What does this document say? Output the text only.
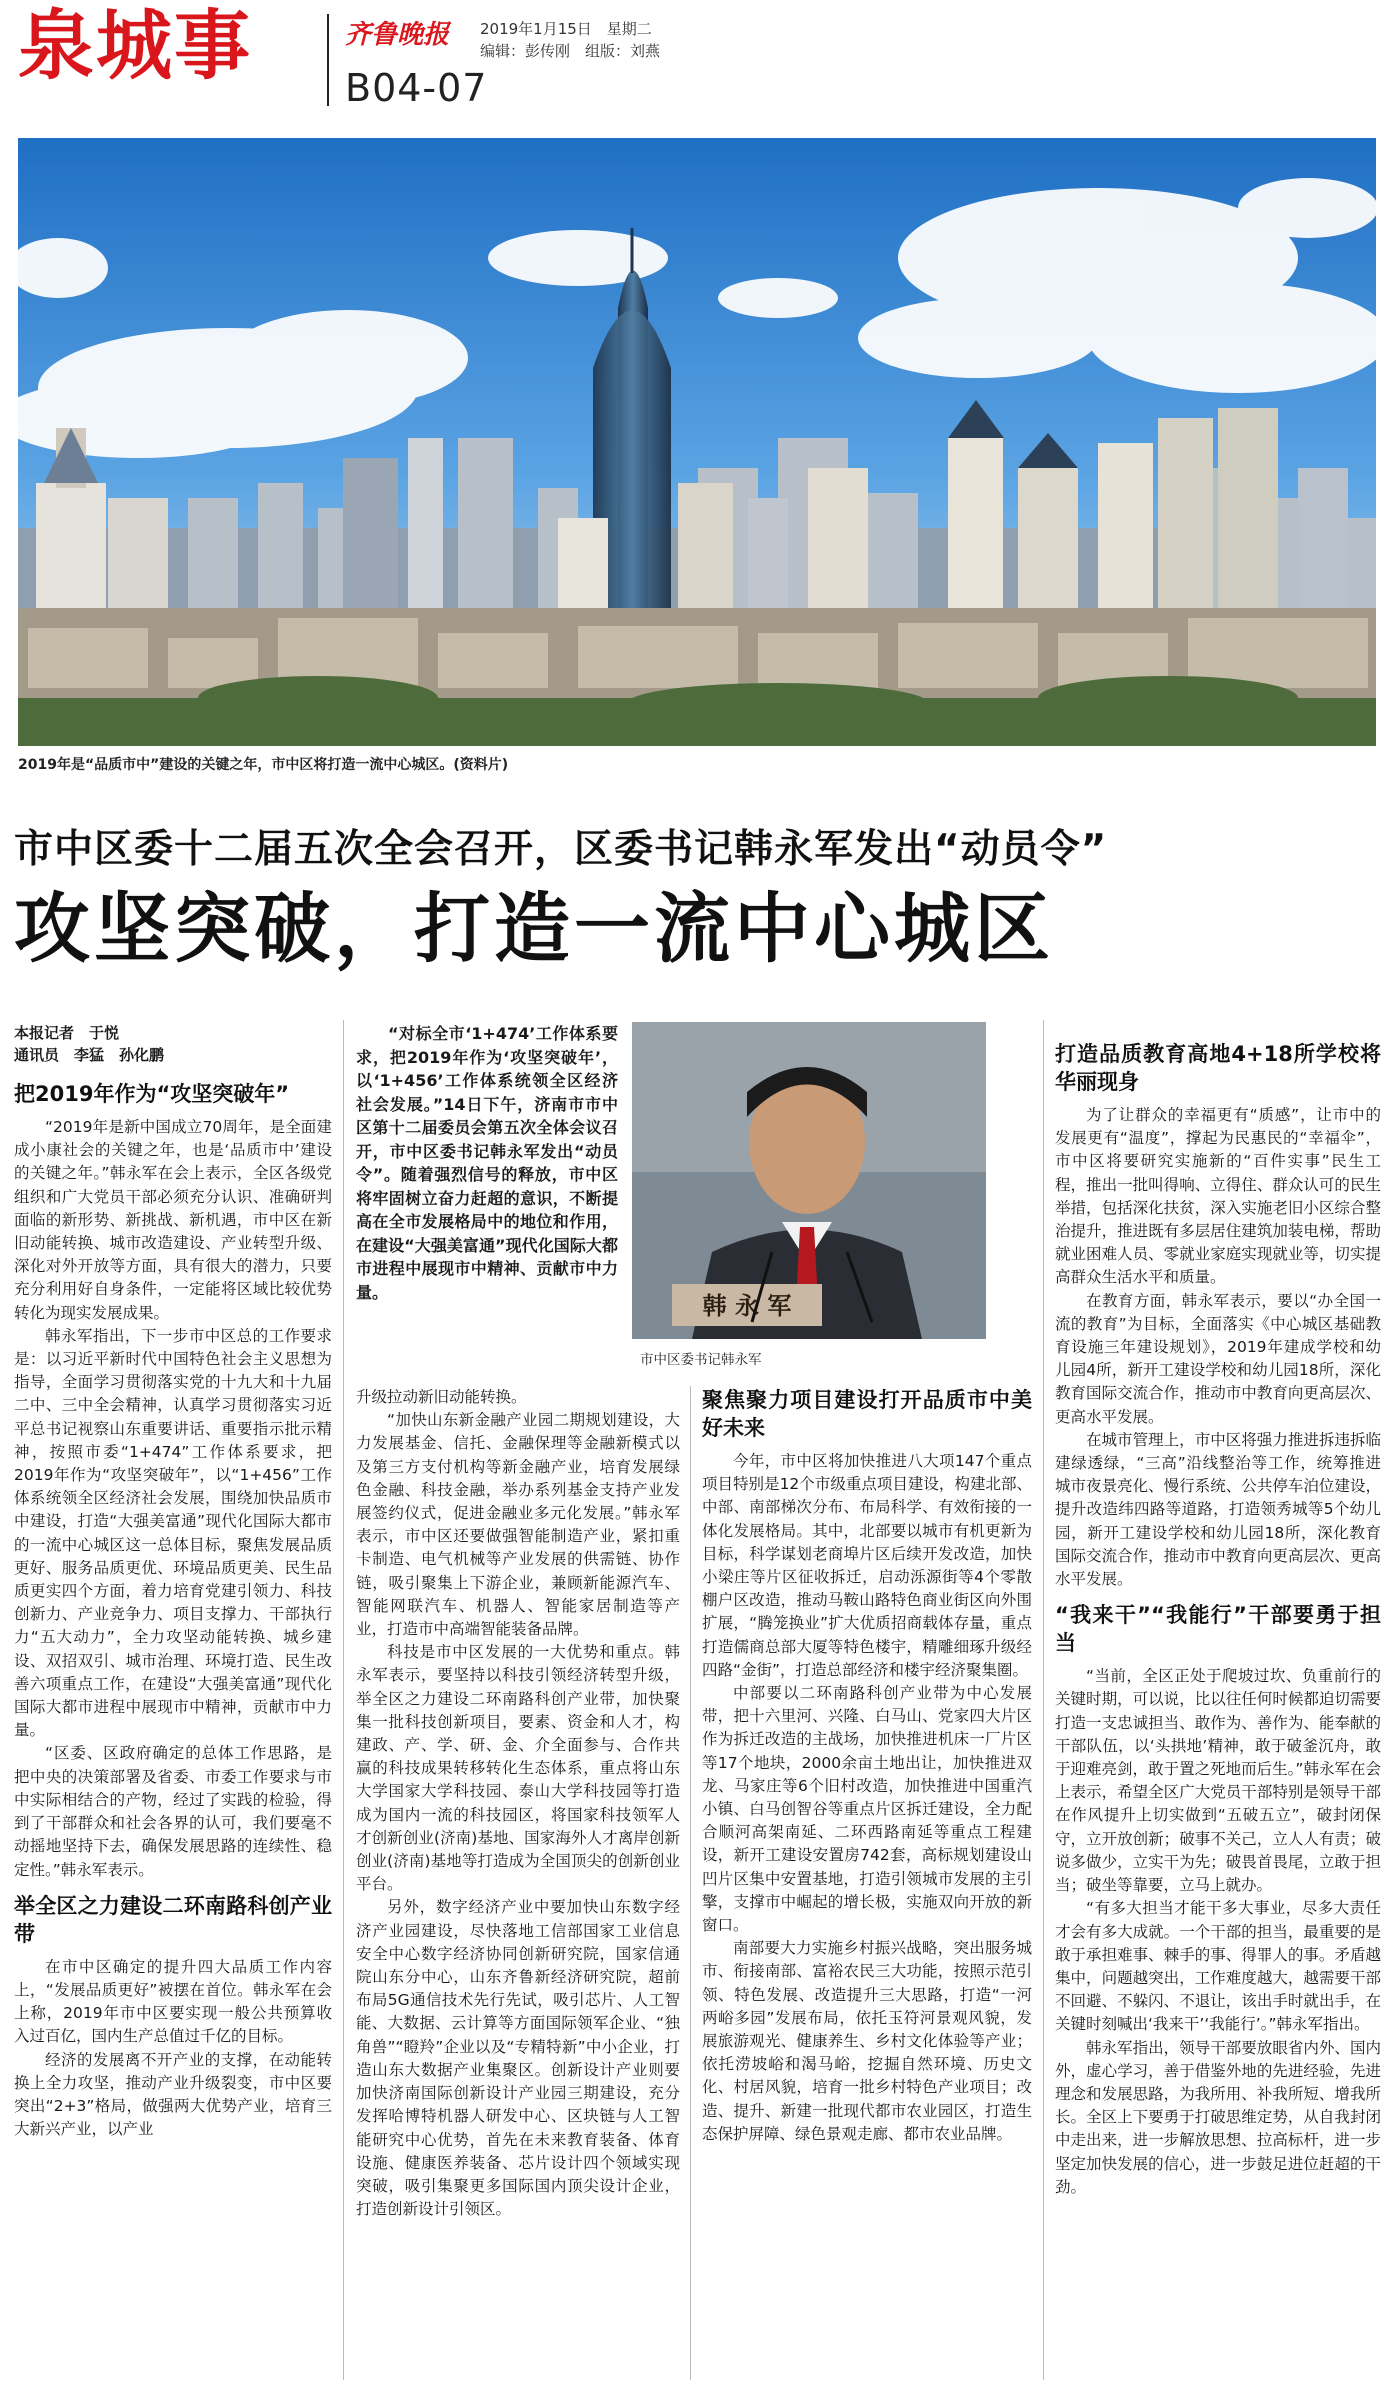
泉城事	齐鲁晚报
B04-07
2019年1月15日　星期二
编辑：彭传刚　组版：刘燕
2019年是“品质市中”建设的关键之年，市中区将打造一流中心城区。(资料片)
市中区委十二届五次全会召开，区委书记韩永军发出“动员令”
攻坚突破，打造一流中心城区
本报记者　于悦
通讯员　李猛　孙化鹏
把2019年作为“攻坚突破年”

“2019年是新中国成立70周年，是全面建成小康社会的关键之年，也是‘品质市中’建设的关键之年。”韩永军在会上表示，全区各级党组织和广大党员干部必须充分认识、准确研判面临的新形势、新挑战、新机遇，市中区在新旧动能转换、城市改造建设、产业转型升级、深化对外开放等方面，具有很大的潜力，只要充分利用好自身条件，一定能将区域比较优势转化为现实发展成果。

韩永军指出，下一步市中区总的工作要求是：以习近平新时代中国特色社会主义思想为指导，全面学习贯彻落实党的十九大和十九届二中、三中全会精神，认真学习贯彻落实习近平总书记视察山东重要讲话、重要指示批示精神，按照市委“1+474”工作体系要求，把2019年作为“攻坚突破年”，以“1+456”工作体系统领全区经济社会发展，围绕加快品质市中建设，打造“大强美富通”现代化国际大都市的一流中心城区这一总体目标，聚焦发展品质更好、服务品质更优、环境品质更美、民生品质更实四个方面，着力培育党建引领力、科技创新力、产业竞争力、项目支撑力、干部执行力“五大动力”，全力攻坚动能转换、城乡建设、双招双引、城市治理、环境打造、民生改善六项重点工作，在建设“大强美富通”现代化国际大都市进程中展现市中精神，贡献市中力量。

“区委、区政府确定的总体工作思路，是把中央的决策部署及省委、市委工作要求与市中实际相结合的产物，经过了实践的检验，得到了干部群众和社会各界的认可，我们要毫不动摇地坚持下去，确保发展思路的连续性、稳定性。”韩永军表示。

举全区之力建设二环南路科创产业带

在市中区确定的提升四大品质工作内容上，“发展品质更好”被摆在首位。韩永军在会上称，2019年市中区要实现一般公共预算收入过百亿，国内生产总值过千亿的目标。

经济的发展离不开产业的支撑，在动能转换上全力攻坚，推动产业升级裂变，市中区要突出“2+3”格局，做强两大优势产业，培育三大新兴产业，以产业

“对标全市‘1+474’工作体系要求，把2019年作为‘攻坚突破年’，以‘1+456’工作体系统领全区经济社会发展。”14日下午，济南市市中区第十二届委员会第五次全体会议召开，市中区委书记韩永军发出“动员令”。随着强烈信号的释放，市中区将牢固树立奋力赶超的意识，不断提高在全市发展格局中的地位和作用，在建设“大强美富通”现代化国际大都市进程中展现市中精神、贡献市中力量。	韩 永 军
市中区委书记韩永军

升级拉动新旧动能转换。

“加快山东新金融产业园二期规划建设，大力发展基金、信托、金融保理等金融新模式以及第三方支付机构等新金融产业，培育发展绿色金融、科技金融，举办系列基金支持产业发展签约仪式，促进金融业多元化发展。”韩永军表示，市中区还要做强智能制造产业，紧扣重卡制造、电气机械等产业发展的供需链、协作链，吸引聚集上下游企业，兼顾新能源汽车、智能网联汽车、机器人、智能家居制造等产业，打造市中高端智能装备品牌。

科技是市中区发展的一大优势和重点。韩永军表示，要坚持以科技引领经济转型升级，举全区之力建设二环南路科创产业带，加快聚集一批科技创新项目，要素、资金和人才，构建政、产、学、研、金、介全面参与、合作共赢的科技成果转移转化生态体系，重点将山东大学国家大学科技园、泰山大学科技园等打造成为国内一流的科技园区，将国家科技领军人才创新创业(济南)基地、国家海外人才离岸创新创业(济南)基地等打造成为全国顶尖的创新创业平台。

另外，数字经济产业中要加快山东数字经济产业园建设，尽快落地工信部国家工业信息安全中心数字经济协同创新研究院，国家信通院山东分中心，山东齐鲁新经济研究院，超前布局5G通信技术先行先试，吸引芯片、人工智能、大数据、云计算等方面国际领军企业、“独角兽”“瞪羚”企业以及“专精特新”中小企业，打造山东大数据产业集聚区。创新设计产业则要加快济南国际创新设计产业园三期建设，充分发挥哈博特机器人研发中心、区块链与人工智能研究中心优势，首先在未来教育装备、体育设施、健康医养装备、芯片设计四个领域实现突破，吸引集聚更多国际国内顶尖设计企业，打造创新设计引领区。

聚焦聚力项目建设打开品质市中美好未来

今年，市中区将加快推进八大项147个重点项目特别是12个市级重点项目建设，构建北部、中部、南部梯次分布、布局科学、有效衔接的一体化发展格局。其中，北部要以城市有机更新为目标，科学谋划老商埠片区后续开发改造，加快小梁庄等片区征收拆迁，启动泺源街等4个零散棚户区改造，推动马鞍山路特色商业街区向外围扩展，“腾笼换业”扩大优质招商载体存量，重点打造儒商总部大厦等特色楼宇，精雕细琢升级经四路“金街”，打造总部经济和楼宇经济聚集圈。

中部要以二环南路科创产业带为中心发展带，把十六里河、兴隆、白马山、党家四大片区作为拆迁改造的主战场，加快推进机床一厂片区等17个地块，2000余亩土地出让，加快推进双龙、马家庄等6个旧村改造，加快推进中国重汽小镇、白马创智谷等重点片区拆迁建设，全力配合顺河高架南延、二环西路南延等重点工程建设，新开工建设安置房742套，高标规划建设山凹片区集中安置基地，打造引领城市发展的主引擎，支撑市中崛起的增长极，实施双向开放的新窗口。

南部要大力实施乡村振兴战略，突出服务城市、衔接南部、富裕农民三大功能，按照示范引领、特色发展、改造提升三大思路，打造“一河两峪多园”发展布局，依托玉符河景观风貌，发展旅游观光、健康养生、乡村文化体验等产业；依托涝坡峪和渴马峪，挖掘自然环境、历史文化、村居风貌，培育一批乡村特色产业项目；改造、提升、新建一批现代都市农业园区，打造生态保护屏障、绿色景观走廊、都市农业品牌。

打造品质教育高地4+18所学校将华丽现身

为了让群众的幸福更有“质感”，让市中的发展更有“温度”，撑起为民惠民的“幸福伞”，市中区将要研究实施新的“百件实事”民生工程，推出一批叫得响、立得住、群众认可的民生举措，包括深化扶贫，深入实施老旧小区综合整治提升，推进既有多层居住建筑加装电梯，帮助就业困难人员、零就业家庭实现就业等，切实提高群众生活水平和质量。

在教育方面，韩永军表示，要以“办全国一流的教育”为目标，全面落实《中心城区基础教育设施三年建设规划》，2019年建成学校和幼儿园4所，新开工建设学校和幼儿园18所，深化教育国际交流合作，推动市中教育向更高层次、更高水平发展。

在城市管理上，市中区将强力推进拆违拆临建绿透绿，“三高”沿线整治等工作，统筹推进城市夜景亮化、慢行系统、公共停车泊位建设，提升改造纬四路等道路，打造领秀城等5个幼儿园，新开工建设学校和幼儿园18所，深化教育国际交流合作，推动市中教育向更高层次、更高水平发展。

“我来干”“我能行”干部要勇于担当

“当前，全区正处于爬坡过坎、负重前行的关键时期，可以说，比以往任何时候都迫切需要打造一支忠诚担当、敢作为、善作为、能奉献的干部队伍，以‘头拱地’精神，敢于破釜沉舟，敢于迎难亮剑，敢于置之死地而后生。”韩永军在会上表示，希望全区广大党员干部特别是领导干部在作风提升上切实做到“五破五立”，破封闭保守，立开放创新；破事不关己，立人人有责；破说多做少，立实干为先；破畏首畏尾，立敢于担当；破坐等靠要，立马上就办。

“有多大担当才能干多大事业，尽多大责任才会有多大成就。一个干部的担当，最重要的是敢于承担难事、棘手的事、得罪人的事。矛盾越集中，问题越突出，工作难度越大，越需要干部不回避、不躲闪、不退让，该出手时就出手，在关键时刻喊出‘我来干’‘我能行’。”韩永军指出。

韩永军指出，领导干部要放眼省内外、国内外，虚心学习，善于借鉴外地的先进经验，先进理念和发展思路，为我所用、补我所短、增我所长。全区上下要勇于打破思维定势，从自我封闭中走出来，进一步解放思想、拉高标杆，进一步坚定加快发展的信心，进一步鼓足进位赶超的干劲。
